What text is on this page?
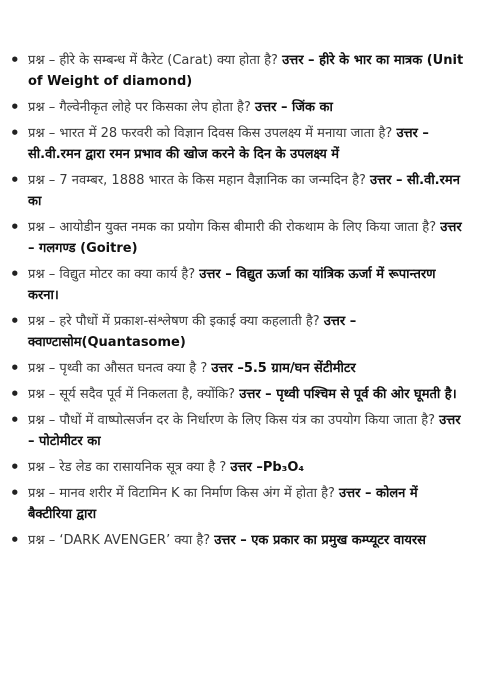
• प्रश्न – हीरे के सम्बन्ध में कैरेट (Carat) क्या होता है? उत्तर – हीरे के भार का मात्रक (Unit of Weight of diamond)
• प्रश्न – गैल्वेनीकृत लोहे पर किसका लेप होता है? उत्तर – जिंक का
• प्रश्न – भारत में 28 फरवरी को विज्ञान दिवस किस उपलक्ष्य में मनाया जाता है? उत्तर – सी.वी.रमन द्वारा रमन प्रभाव की खोज करने के दिन के उपलक्ष्य में
• प्रश्न – 7 नवम्बर, 1888 भारत के किस महान वैज्ञानिक का जन्मदिन है? उत्तर – सी.वी.रमन का
• प्रश्न – आयोडीन युक्त नमक का प्रयोग किस बीमारी की रोकथाम के लिए किया जाता है? उत्तर – गलगण्ड (Goitre)
• प्रश्न – विद्युत मोटर का क्या कार्य है? उत्तर – विद्युत ऊर्जा का यांत्रिक ऊर्जा में रूपान्तरण करना।
• प्रश्न – हरे पौधों में प्रकाश-संश्लेषण की इकाई क्या कहलाती है? उत्तर – क्वाण्टासोम(Quantasome)
• प्रश्न – पृथ्वी का औसत घनत्व क्या है ? उत्तर –5.5 ग्राम/घन सेंटीमीटर
• प्रश्न – सूर्य सदैव पूर्व में निकलता है, क्योंकि? उत्तर – पृथ्वी पश्चिम से पूर्व की ओर घूमती है।
• प्रश्न – पौधों में वाष्पोत्सर्जन दर के निर्धारण के लिए किस यंत्र का उपयोग किया जाता है? उत्तर – पोटोमीटर का
• प्रश्न – रेड लेड का रासायनिक सूत्र क्या है ? उत्तर –Pb₃O₄
• प्रश्न – मानव शरीर में विटामिन K का निर्माण किस अंग में होता है? उत्तर – कोलन में बैक्टीरिया द्वारा
• प्रश्न – ‘DARK AVENGER’ क्या है? उत्तर – एक प्रकार का प्रमुख कम्प्यूटर वायरस
